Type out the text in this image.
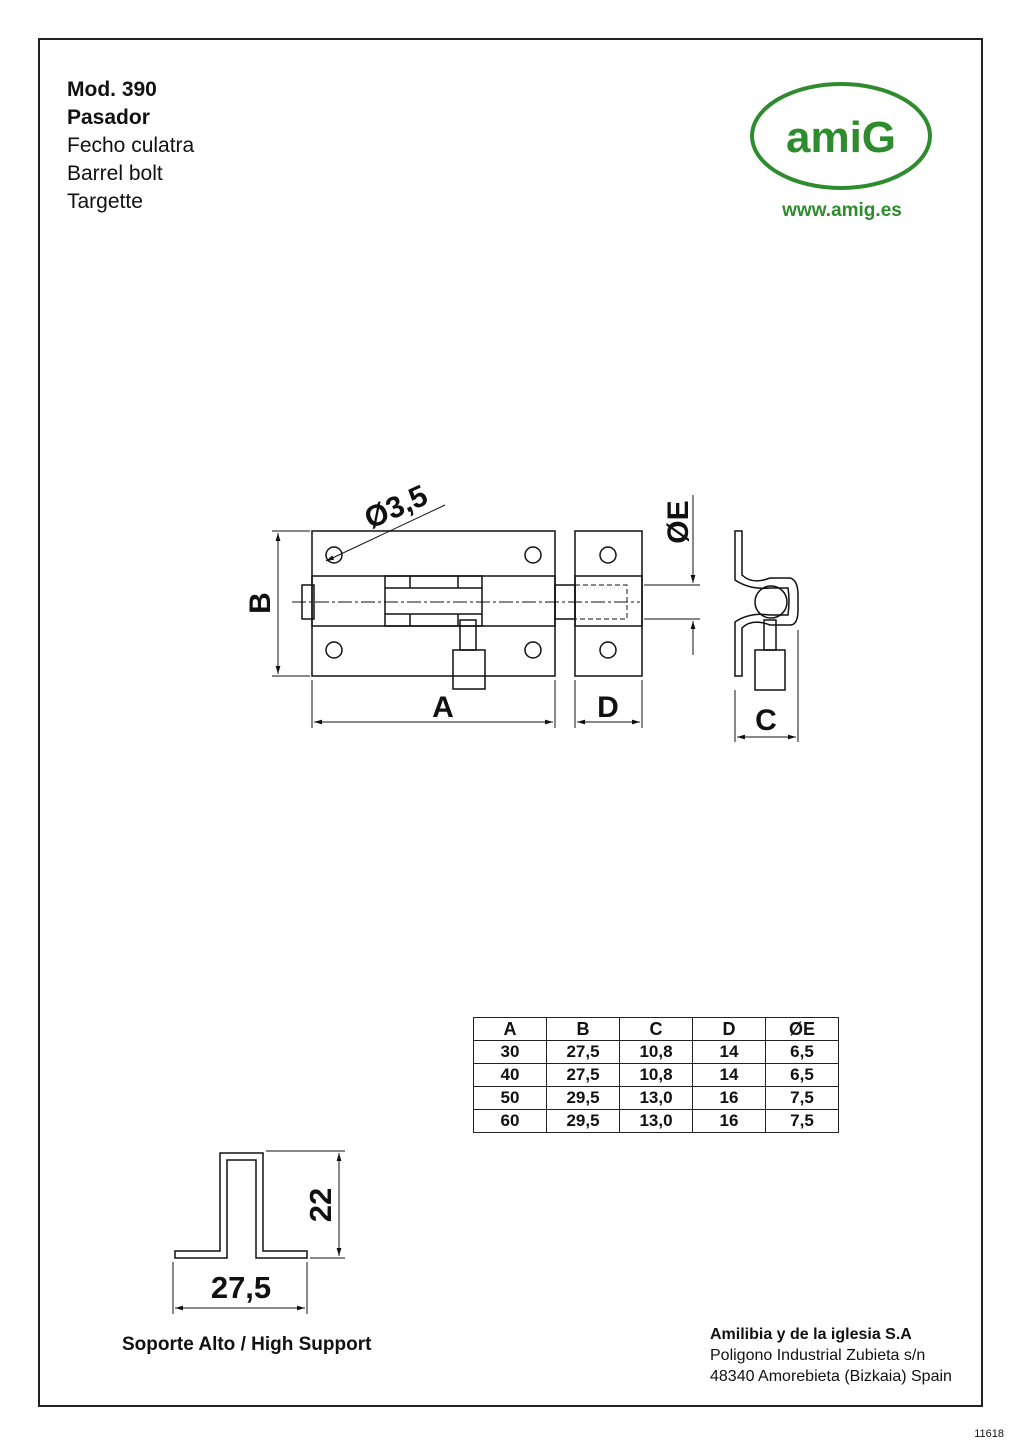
Mod. 390
Pasador
Fecho culatra
Barrel bolt
Targette
amiG
www.amig.es
A	D	C
B
ØE
Ø3,5
27,5
22
A	B	C	D	ØE
30	27,5	10,8	14	6,5
40	27,5	10,8	14	6,5
50	29,5	13,0	16	7,5
60	29,5	13,0	16	7,5
Soporte Alto / High Support	Amilibia y de la iglesia S.A
Poligono Industrial Zubieta s/n
48340 Amorebieta (Bizkaia) Spain
11618
